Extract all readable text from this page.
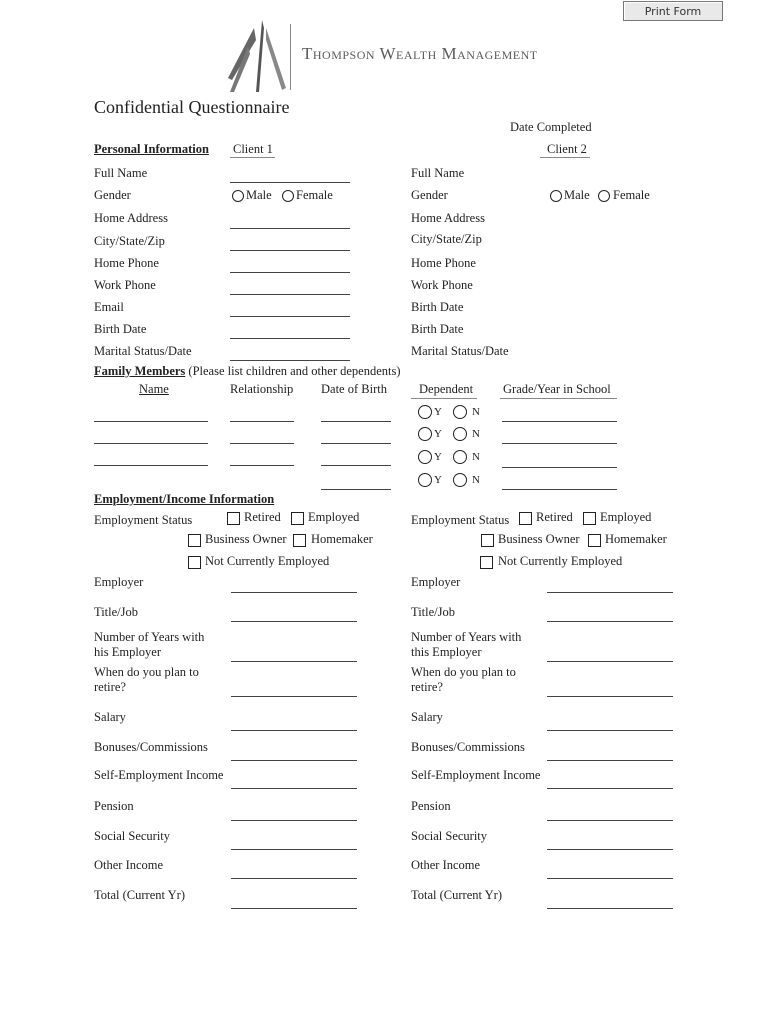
Print Form
Thompson Wealth Management
Confidential Questionnaire
Date Completed
Personal Information Client 1	Client 2
Full Name
Gender	Male Female
Home Address
City/State/Zip
Home Phone
Work Phone
Email
Birth Date
Marital Status/Date
Full Name
Gender	Male Female
Home Address
City/State/Zip
Home Phone
Work Phone
Birth Date
Birth Date
Marital Status/Date
Family Members (Please list children and other dependents)
Name	Relationship Date of Birth	Dependent Grade/Year in School
Y	N
Y	N
Y	N
Y	N
Employment/Income Information
Employment Status	Retired Employed
Business Owner Homemaker
Not Currently Employed
Employment Status Retired Employed
Business Owner Homemaker
Not Currently Employed
Employer	Employer
Title/Job	Title/Job
Number of Years with
his Employer
Number of Years with
this Employer
When do you plan to
retire?
When do you plan to
retire?
Salary	Salary
Bonuses/Commissions	Bonuses/Commissions
Self-Employment Income	Self-Employment Income
Pension	Pension
Social Security	Social Security
Other Income	Other Income
Total (Current Yr)	Total (Current Yr)
